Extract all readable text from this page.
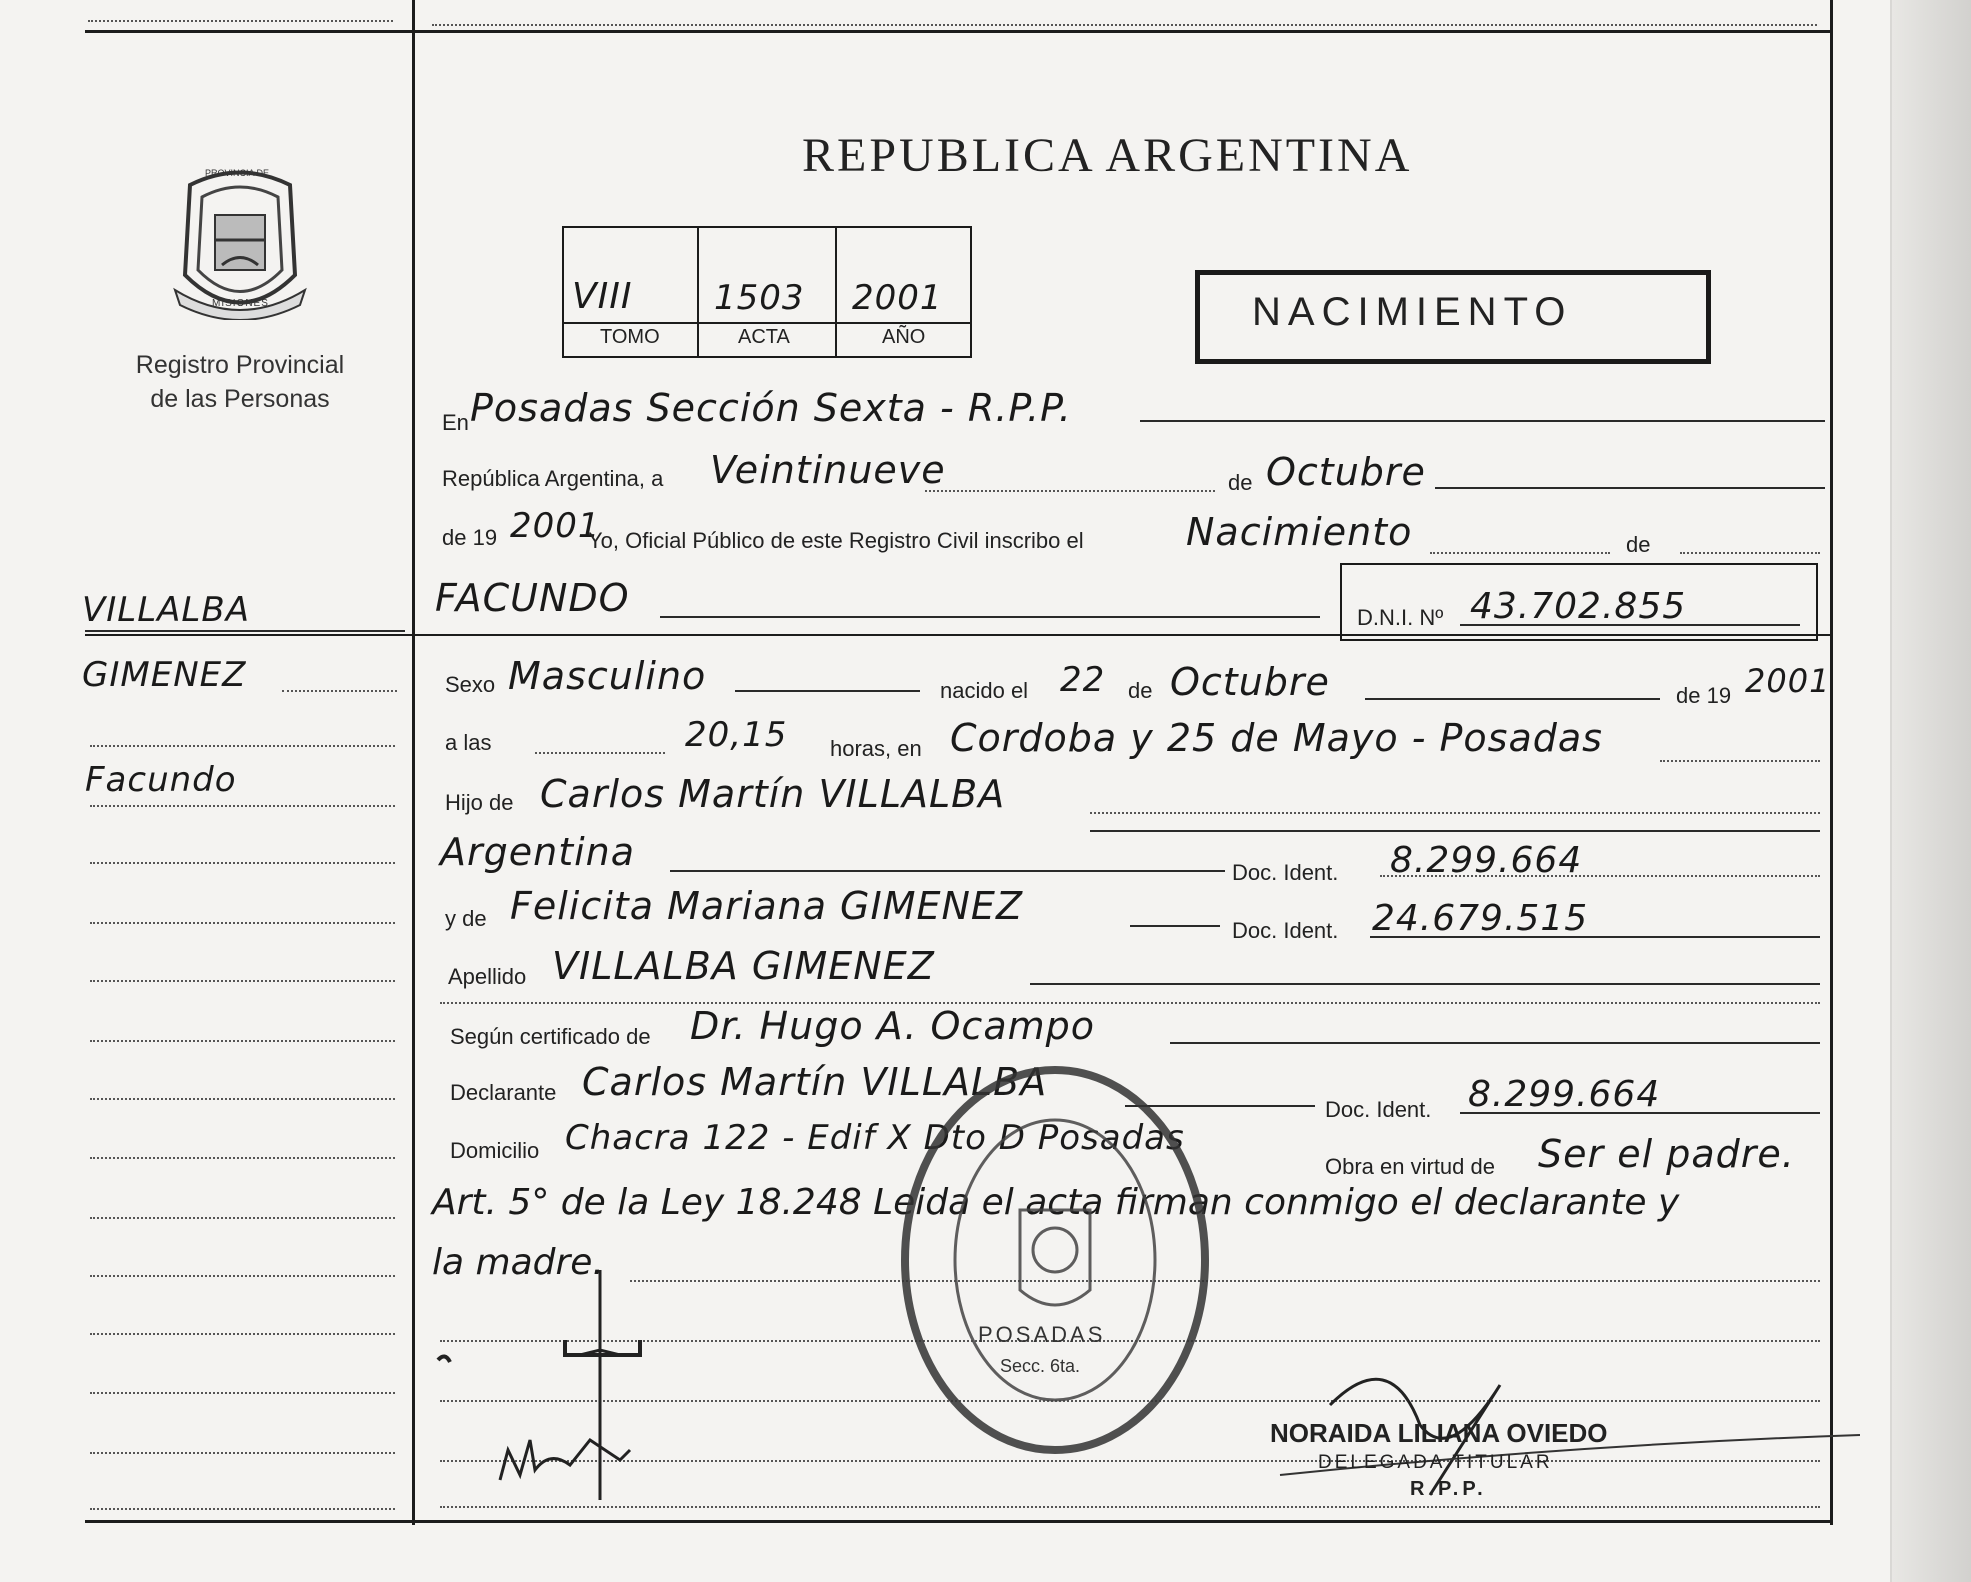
PROVINCIA DE
MISIONES
Registro Provincial
de las Personas
REPUBLICA ARGENTINA
VIII 1503 2001
TOMO	ACTA	AÑO
NACIMIENTO
En Posadas Sección Sexta - R.P.P.
República Argentina, a Veintinueve	de Octubre
de 19 2001
Yo, Oficial Público de este Registro Civil inscribo el	Nacimiento	de
FACUNDO	D.N.I. Nº 43.702.855
VILLALBA
GIMENEZ
Facundo
Sexo Masculino	nacido el 22 de Octubre	de 19 2001
a las	20,15 horas, en Cordoba y 25 de Mayo - Posadas
Hijo de Carlos Martín VILLALBA
Argentina	Doc. Ident. 8.299.664
y de Felicita Mariana GIMENEZ
Doc. Ident. 24.679.515
Apellido VILLALBA GIMENEZ
Según certificado de Dr. Hugo A. Ocampo
Declarante Carlos Martín VILLALBA
Doc. Ident. 8.299.664
Domicilio Chacra 122 - Edif X Dto D Posadas
Obra en virtud de Ser el padre.
Art. 5° de la Ley 18.248 Leida el acta firman conmigo el declarante y
la madre.
POSADAS
Secc. 6ta.
NORAIDA LILIANA OVIEDO
DELEGADA TITULAR
R.P.P.
